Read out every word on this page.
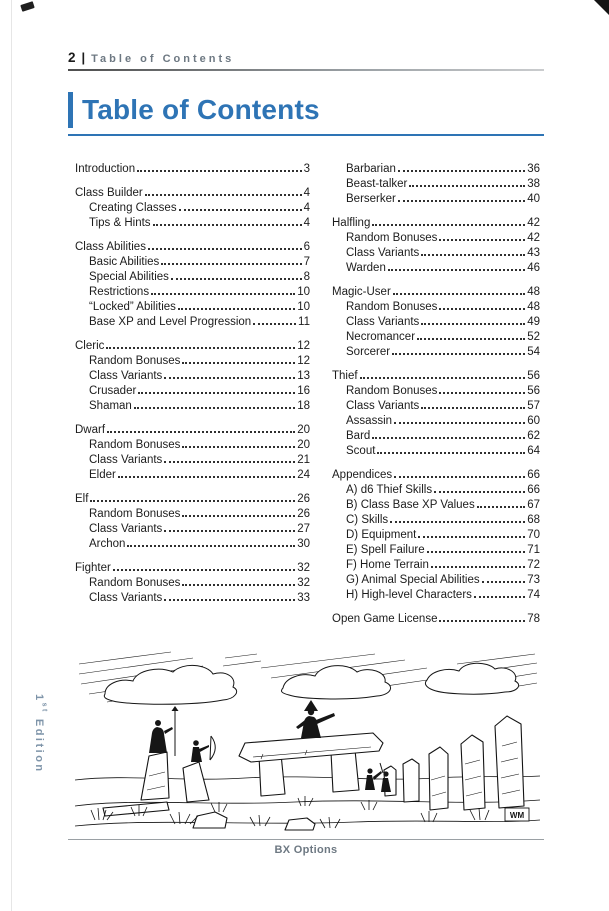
2 | Table of Contents
Table of Contents
Introduction	3
Class Builder	4
Creating Classes	4
Tips & Hints	4
Class Abilities	6
Basic Abilities	7
Special Abilities	8
Restrictions	10
“Locked” Abilities	10
Base XP and Level Progression	11
Cleric	12
Random Bonuses	12
Class Variants	13
Crusader	16
Shaman	18
Dwarf	20
Random Bonuses	20
Class Variants	21
Elder	24
Elf	26
Random Bonuses	26
Class Variants	27
Archon	30
Fighter	32
Random Bonuses	32
Class Variants	33
Barbarian	36
Beast-talker	38
Berserker	40
Halfling	42
Random Bonuses	42
Class Variants	43
Warden	46
Magic-User	48
Random Bonuses	48
Class Variants	49
Necromancer	52
Sorcerer	54
Thief	56
Random Bonuses	56
Class Variants	57
Assassin	60
Bard	62
Scout	64
Appendices	66
A) d6 Thief Skills	66
B) Class Base XP Values	67
C) Skills	68
D) Equipment	70
E) Spell Failure	71
F) Home Terrain	72
G) Animal Special Abilities	73
H) High-level Characters	74
Open Game License	78
WM
1stEdition
BX Options
